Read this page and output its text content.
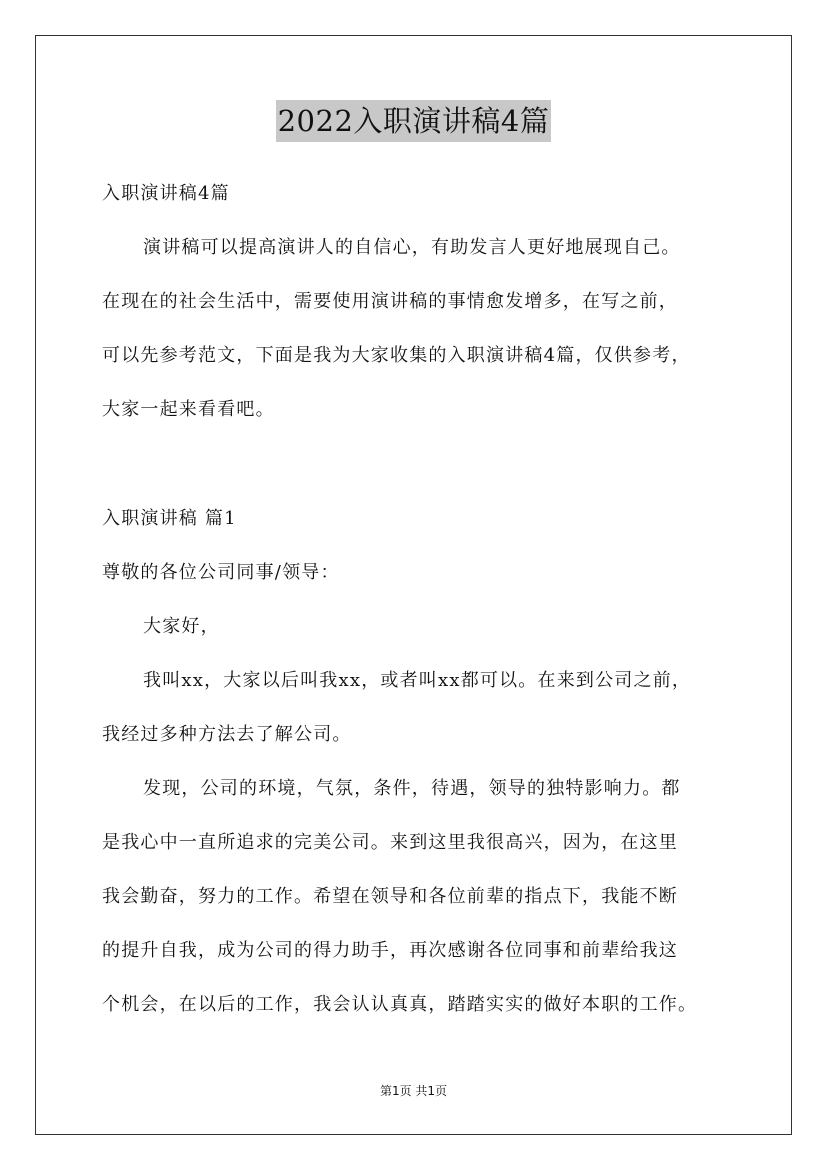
2022入职演讲稿4篇
入职演讲稿4篇
演讲稿可以提高演讲人的自信心，有助发言人更好地展现自己。
在现在的社会生活中，需要使用演讲稿的事情愈发增多，在写之前，
可以先参考范文，下面是我为大家收集的入职演讲稿4篇，仅供参考，
大家一起来看看吧。
入职演讲稿 篇1
尊敬的各位公司同事/领导：
大家好，
我叫xx，大家以后叫我xx，或者叫xx都可以。在来到公司之前，
我经过多种方法去了解公司。
发现，公司的环境，气氛，条件，待遇，领导的独特影响力。都
是我心中一直所追求的完美公司。来到这里我很高兴，因为，在这里
我会勤奋，努力的工作。希望在领导和各位前辈的指点下，我能不断
的提升自我，成为公司的得力助手，再次感谢各位同事和前辈给我这
个机会，在以后的工作，我会认认真真，踏踏实实的做好本职的工作。
第1页 共1页
